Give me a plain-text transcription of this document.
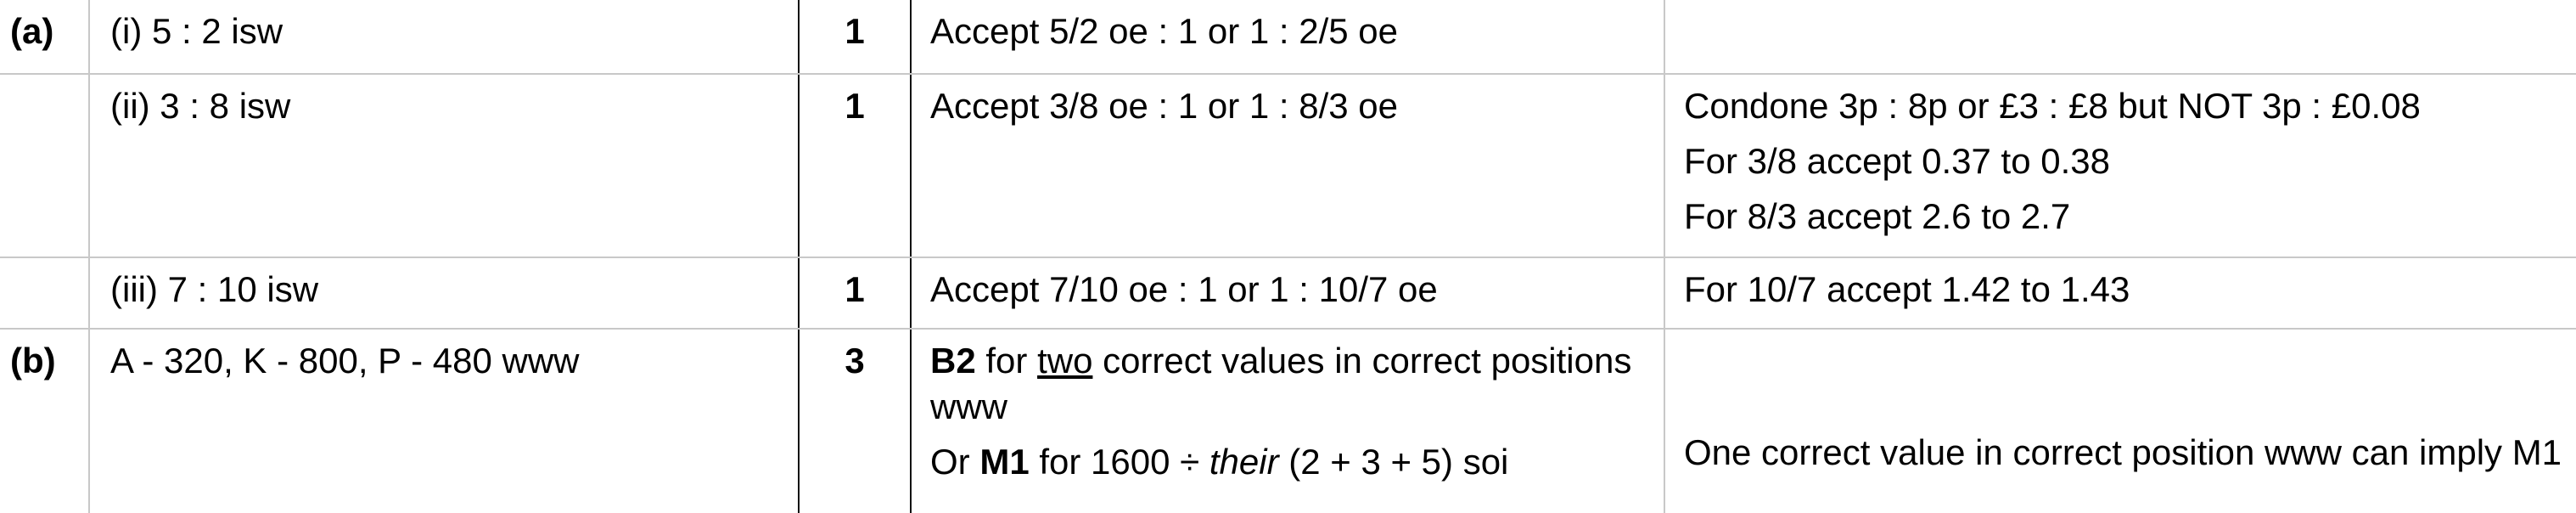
(a)	(i) 5 : 2 isw	1	Accept 5/2 oe : 1 or 1 : 2/5 oe	

	(ii) 3 : 8 isw	1	Accept 3/8 oe : 1 or 1 : 8/3 oe	Condone 3p : 8p or £3 : £8 but NOT 3p : £0.08
For 3/8 accept 0.37 to 0.38
For 8/3 accept 2.6 to 2.7

	(iii) 7 : 10 isw	1	Accept 7/10 oe : 1 or 1 : 10/7 oe	For 10/7 accept 1.42 to 1.43

(b)	A - 320, K - 800, P - 480 www	3	B2 for two correct values in correct positions www
Or M1 for 1600 ÷ their (2 + 3 + 5) soi	One correct value in correct position www can imply M1
